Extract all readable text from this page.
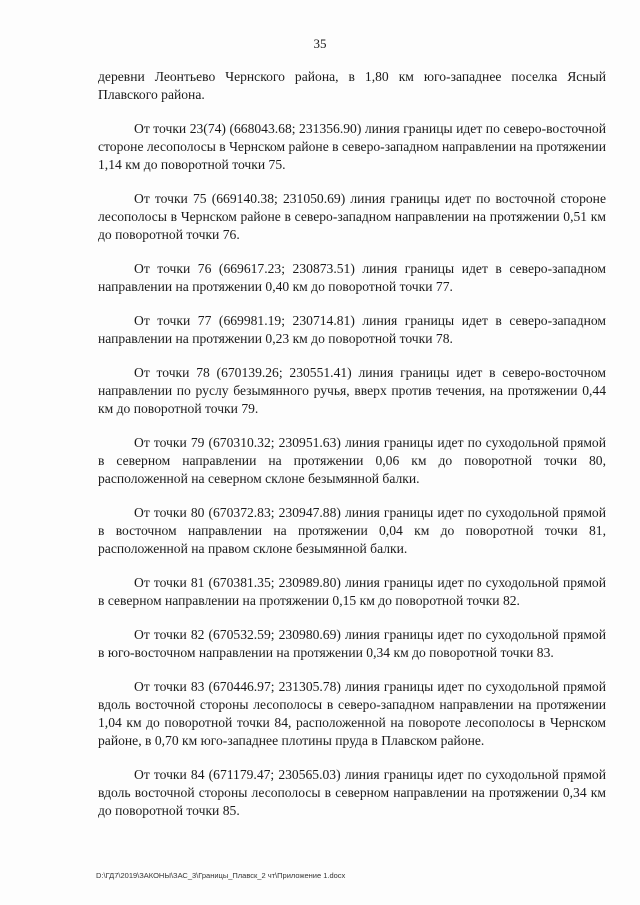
35

деревни Леонтьево Чернского района, в 1,80 км юго-западнее поселка Ясный Плавского района.

От точки 23(74) (668043.68; 231356.90) линия границы идет по северо-восточной стороне лесополосы в Чернском районе в северо-западном направлении на протяжении 1,14 км до поворотной точки 75.

От точки 75 (669140.38; 231050.69) линия границы идет по восточной стороне лесополосы в Чернском районе в северо-западном направлении на протяжении 0,51 км до поворотной точки 76.

От точки 76 (669617.23; 230873.51) линия границы идет в северо-западном направлении на протяжении 0,40 км до поворотной точки 77.

От точки 77 (669981.19; 230714.81) линия границы идет в северо-западном направлении на протяжении 0,23 км до поворотной точки 78.

От точки 78 (670139.26; 230551.41) линия границы идет в северо-восточном направлении по руслу безымянного ручья, вверх против течения, на протяжении 0,44 км до поворотной точки 79.

От точки 79 (670310.32; 230951.63) линия границы идет по суходольной прямой в северном направлении на протяжении 0,06 км до поворотной точки 80, расположенной на северном склоне безымянной балки.

От точки 80 (670372.83; 230947.88) линия границы идет по суходольной прямой в восточном направлении на протяжении 0,04 км до поворотной точки 81, расположенной на правом склоне безымянной балки.

От точки 81 (670381.35; 230989.80) линия границы идет по суходольной прямой в северном направлении на протяжении 0,15 км до поворотной точки 82.

От точки 82 (670532.59; 230980.69) линия границы идет по суходольной прямой в юго-восточном направлении на протяжении 0,34 км до поворотной точки 83.

От точки 83 (670446.97; 231305.78) линия границы идет по суходольной прямой вдоль восточной стороны лесополосы в северо-западном направлении на протяжении 1,04 км до поворотной точки 84, расположенной на повороте лесополосы в Чернском районе, в 0,70 км юго-западнее плотины пруда в Плавском районе.

От точки 84 (671179.47; 230565.03) линия границы идет по суходольной прямой вдоль восточной стороны лесополосы в северном направлении на протяжении 0,34 км до поворотной точки 85.

D:\ГД7\2019\ЗАКОНЫ\ЗАС_3\Границы_Плавск_2 чт\Приложение 1.docx
